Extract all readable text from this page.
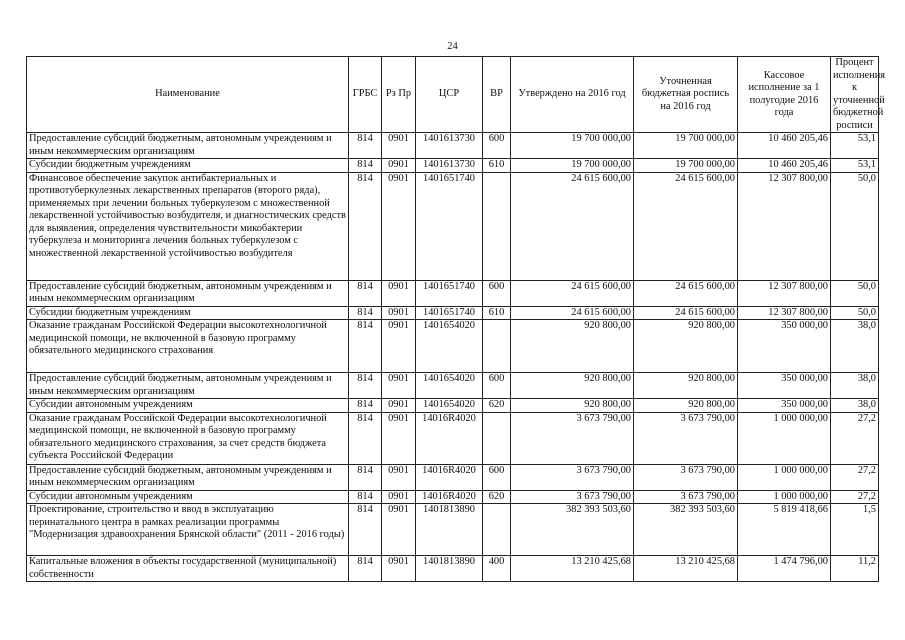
24
Наименование	ГРБС	Рз Пр	ЦСР	ВР	Утверждено на 2016 год	Уточненная бюджетная роспись на 2016 год	Кассовое исполнение за 1 полугодие 2016 года	Процент исполнения к уточненной бюджетной росписи
Предоставление субсидий бюджетным, автономным учреждениям и иным некоммерческим организациям	814	0901	1401613730	600	19 700 000,00	19 700 000,00	10 460 205,46	53,1
Субсидии бюджетным учреждениям	814	0901	1401613730	610	19 700 000,00	19 700 000,00	10 460 205,46	53,1
Финансовое обеспечение закупок антибактериальных и противотуберкулезных лекарственных препаратов (второго ряда), применяемых при лечении больных туберкулезом с множественной лекарственной устойчивостью возбудителя, и диагностических средств для выявления, определения чувствительности микобактерии туберкулеза и мониторинга лечения больных туберкулезом с множественной лекарственной устойчивостью возбудителя	814	0901	1401651740		24 615 600,00	24 615 600,00	12 307 800,00	50,0
Предоставление субсидий бюджетным, автономным учреждениям и иным некоммерческим организациям	814	0901	1401651740	600	24 615 600,00	24 615 600,00	12 307 800,00	50,0
Субсидии бюджетным учреждениям	814	0901	1401651740	610	24 615 600,00	24 615 600,00	12 307 800,00	50,0
Оказание гражданам Российской Федерации высокотехнологичной медицинской помощи, не включенной в базовую программу обязательного медицинского страхования	814	0901	1401654020		920 800,00	920 800,00	350 000,00	38,0
Предоставление субсидий бюджетным, автономным учреждениям и иным некоммерческим организациям	814	0901	1401654020	600	920 800,00	920 800,00	350 000,00	38,0
Субсидии автономным учреждениям	814	0901	1401654020	620	920 800,00	920 800,00	350 000,00	38,0
Оказание гражданам Российской Федерации высокотехнологичной медицинской помощи, не включенной в базовую программу обязательного медицинского страхования, за счет средств бюджета субъекта Российской Федерации	814	0901	14016R4020		3 673 790,00	3 673 790,00	1 000 000,00	27,2
Предоставление субсидий бюджетным, автономным учреждениям и иным некоммерческим организациям	814	0901	14016R4020	600	3 673 790,00	3 673 790,00	1 000 000,00	27,2
Субсидии автономным учреждениям	814	0901	14016R4020	620	3 673 790,00	3 673 790,00	1 000 000,00	27,2
Проектирование, строительство и ввод в эксплуатацию перинатального центра в рамках реализации программы "Модернизация здравоохранения Брянской области" (2011 - 2016 годы)	814	0901	1401813890		382 393 503,60	382 393 503,60	5 819 418,66	1,5
Капитальные вложения в объекты государственной (муниципальной) собственности	814	0901	1401813890	400	13 210 425,68	13 210 425,68	1 474 796,00	11,2
